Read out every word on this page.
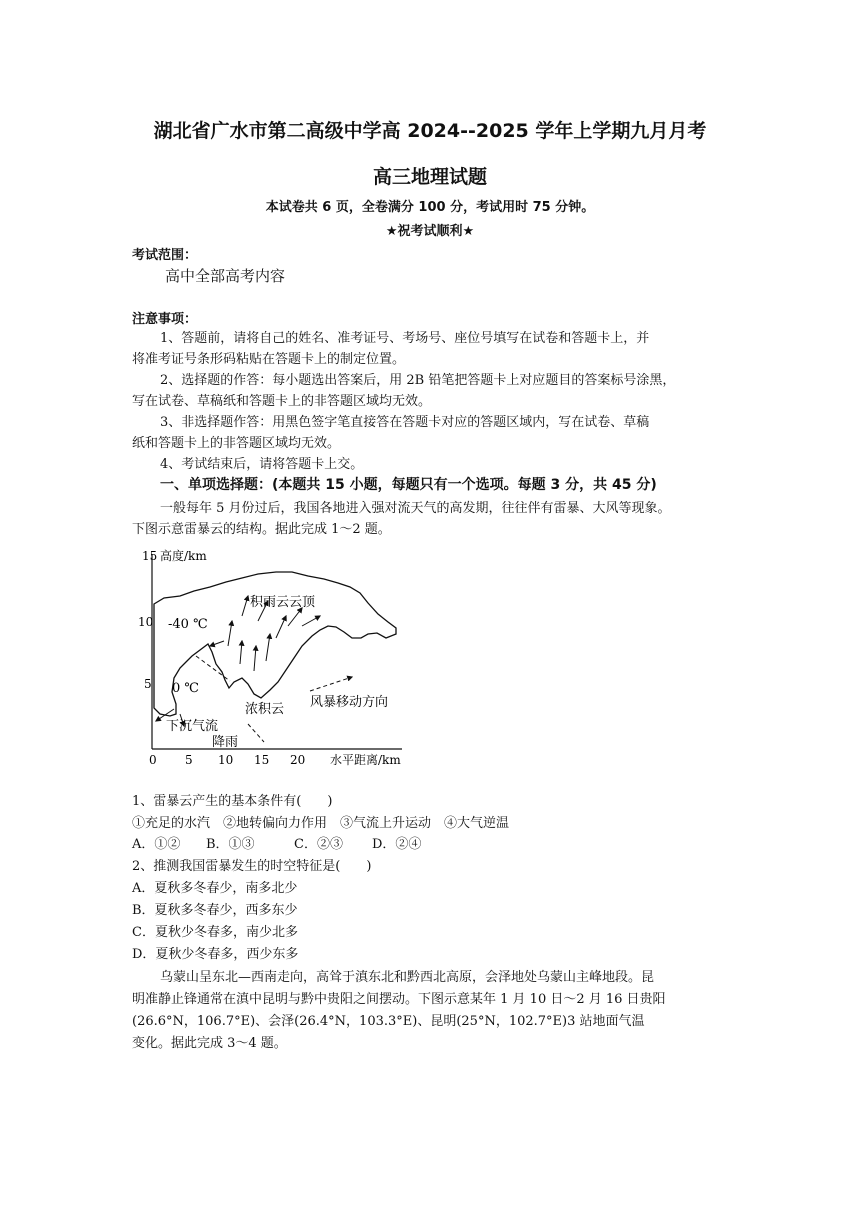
湖北省广水市第二高级中学高 2024--2025 学年上学期九月月考
高三地理试题
本试卷共 6 页，全卷满分 100 分，考试用时 75 分钟。
★祝考试顺利★
考试范围：
高中全部高考内容
注意事项：
1、答题前，请将自己的姓名、准考证号、考场号、座位号填写在试卷和答题卡上，并
将准考证号条形码粘贴在答题卡上的制定位置。
2、选择题的作答：每小题选出答案后，用 2B 铅笔把答题卡上对应题目的答案标号涂黑，
写在试卷、草稿纸和答题卡上的非答题区域均无效。
3、非选择题作答：用黑色签字笔直接答在答题卡对应的答题区域内，写在试卷、草稿
纸和答题卡上的非答题区域均无效。
4、考试结束后，请将答题卡上交。
一、单项选择题：(本题共 15 小题，每题只有一个选项。每题 3 分，共 45 分)
一般每年 5 月份过后，我国各地进入强对流天气的高发期，往往伴有雷暴、大风等现象。
下图示意雷暴云的结构。据此完成 1～2 题。
15
10
5
高度/km
0 5 10 15 20 水平距离/km
积雨云云顶
-40 ℃
0 ℃
浓积云 风暴移动方向
下沉气流
降雨
1、雷暴云产生的基本条件有(　　)
①充足的水汽　②地转偏向力作用　③气流上升运动　④大气逆温
A．①② B．①③	C．②③ D．②④
2、推测我国雷暴发生的时空特征是(　　)
A．夏秋多冬春少，南多北少
B．夏秋多冬春少，西多东少
C．夏秋少冬春多，南少北多
D．夏秋少冬春多，西少东多
乌蒙山呈东北—西南走向，高耸于滇东北和黔西北高原，会泽地处乌蒙山主峰地段。昆
明准静止锋通常在滇中昆明与黔中贵阳之间摆动。下图示意某年 1 月 10 日～2 月 16 日贵阳
(26.6°N，106.7°E)、会泽(26.4°N，103.3°E)、昆明(25°N，102.7°E)3 站地面气温
变化。据此完成 3～4 题。
